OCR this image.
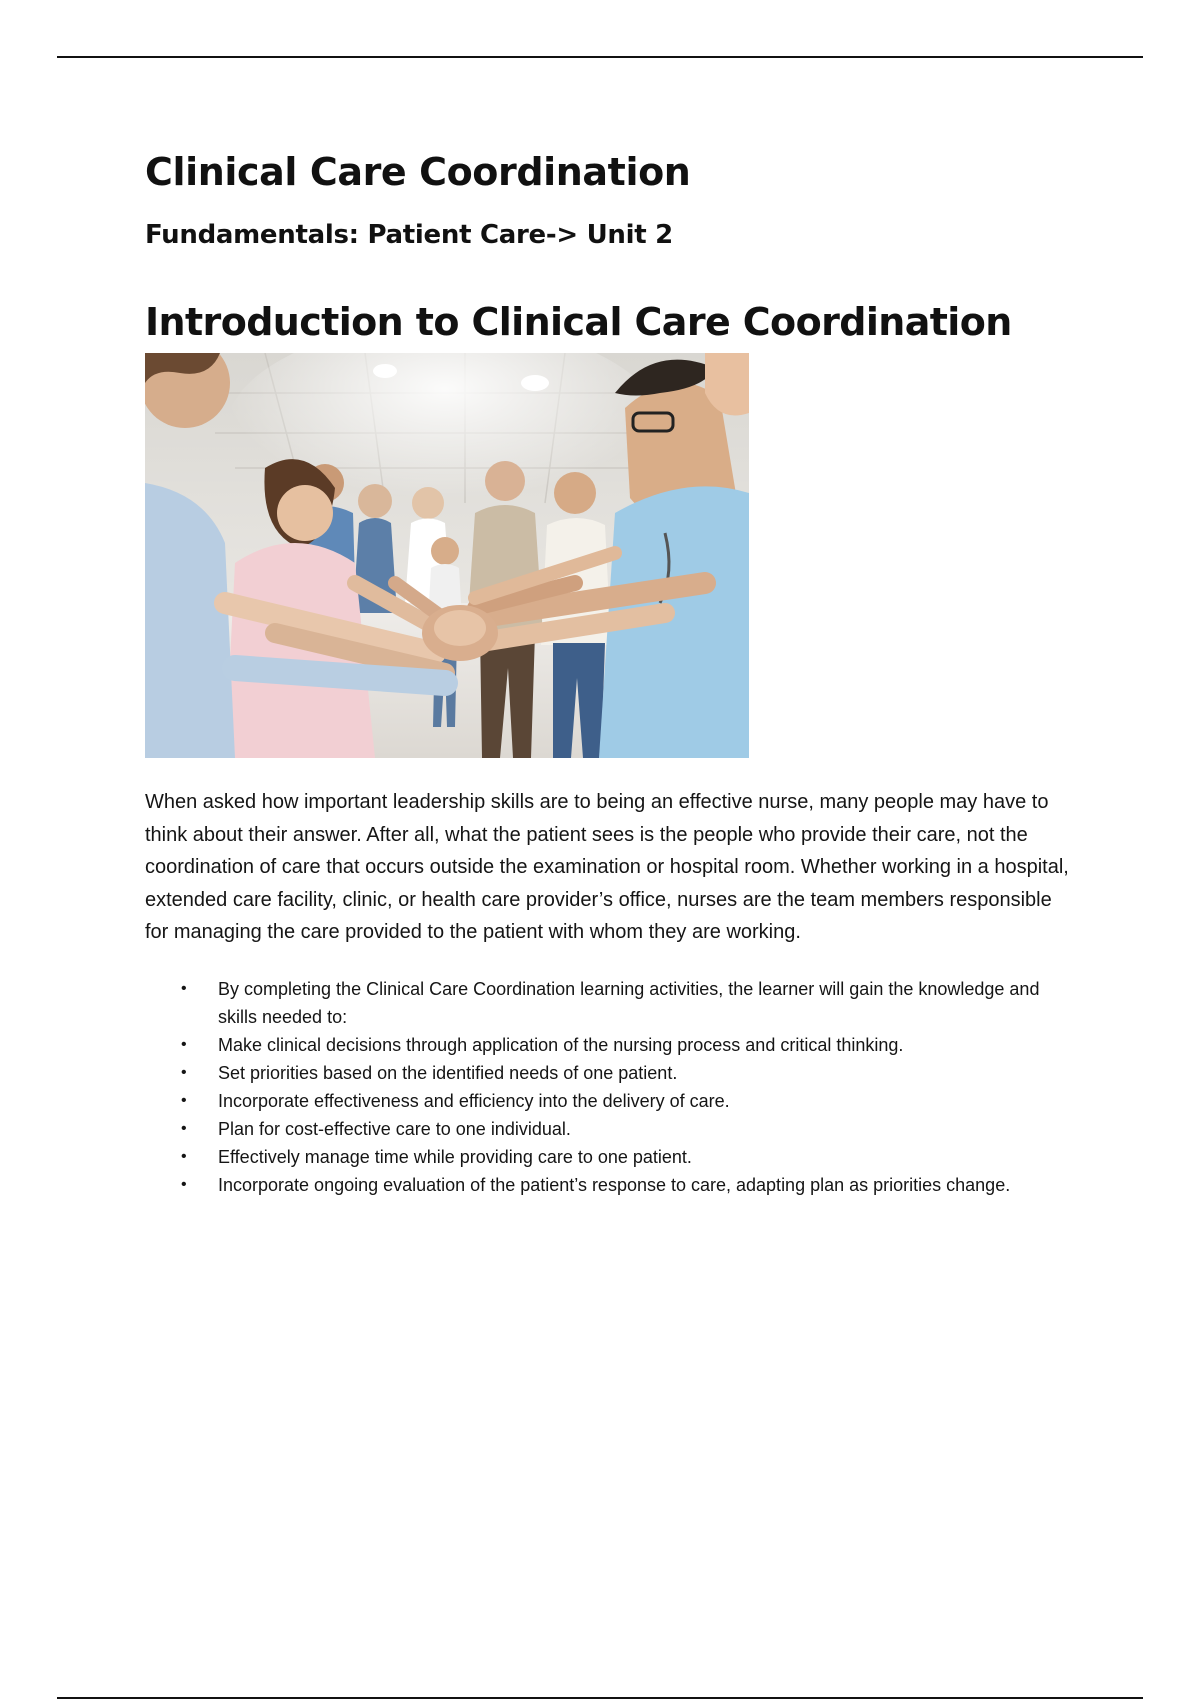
Clinical Care Coordination
Fundamentals: Patient Care-> Unit 2
Introduction to Clinical Care Coordination

When asked how important leadership skills are to being an effective nurse, many people may have to think about their answer. After all, what the patient sees is the people who provide their care, not the coordination of care that occurs outside the examination or hospital room. Whether working in a hospital, extended care facility, clinic, or health care provider’s office, nurses are the team members responsible for managing the care provided to the patient with whom they are working.

• By completing the Clinical Care Coordination learning activities, the learner will gain the knowledge and skills needed to:
• Make clinical decisions through application of the nursing process and critical thinking.
• Set priorities based on the identified needs of one patient.
• Incorporate effectiveness and efficiency into the delivery of care.
• Plan for cost-effective care to one individual.
• Effectively manage time while providing care to one patient.
• Incorporate ongoing evaluation of the patient’s response to care, adapting plan as priorities change.
